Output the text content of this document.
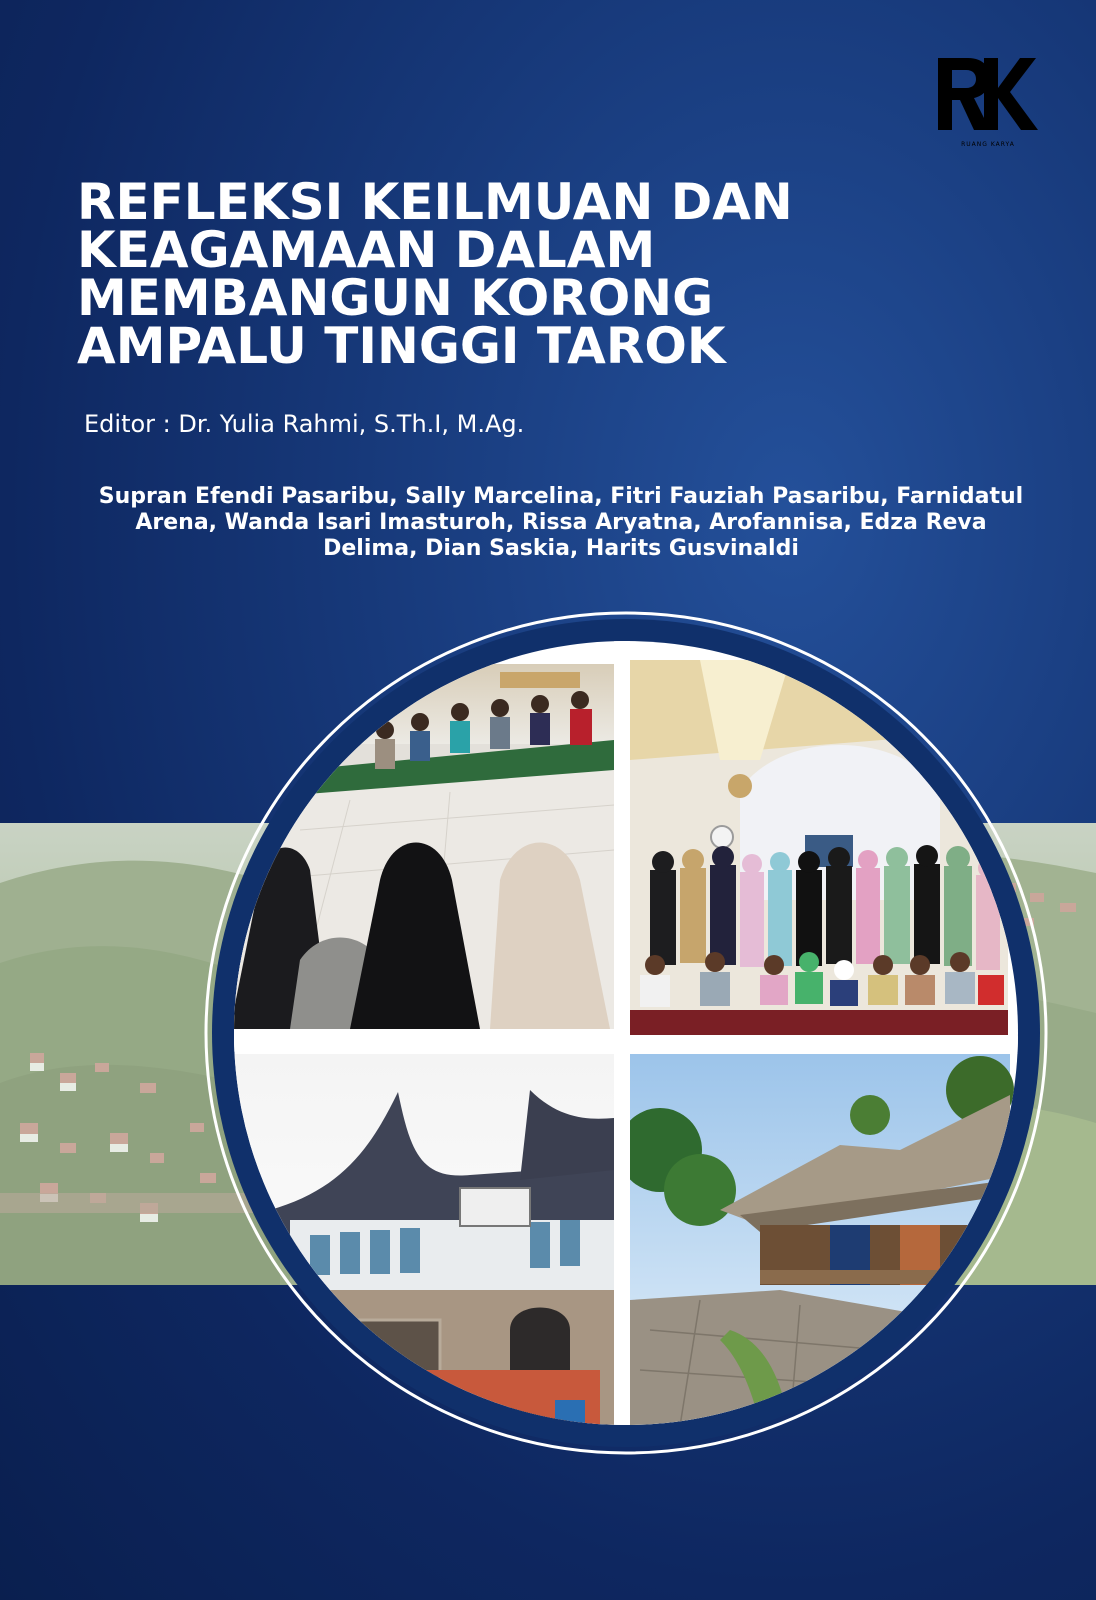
RUANG KARYA
REFLEKSI KEILMUAN DAN
KEAGAMAAN DALAM
MEMBANGUN KORONG
AMPALU TINGGI TAROK
Editor : Dr. Yulia Rahmi, S.Th.I, M.Ag.
Supran Efendi Pasaribu, Sally Marcelina, Fitri Fauziah Pasaribu, Farnidatul
Arena, Wanda Isari Imasturoh, Rissa Aryatna, Arofannisa, Edza Reva
Delima, Dian Saskia, Harits Gusvinaldi
